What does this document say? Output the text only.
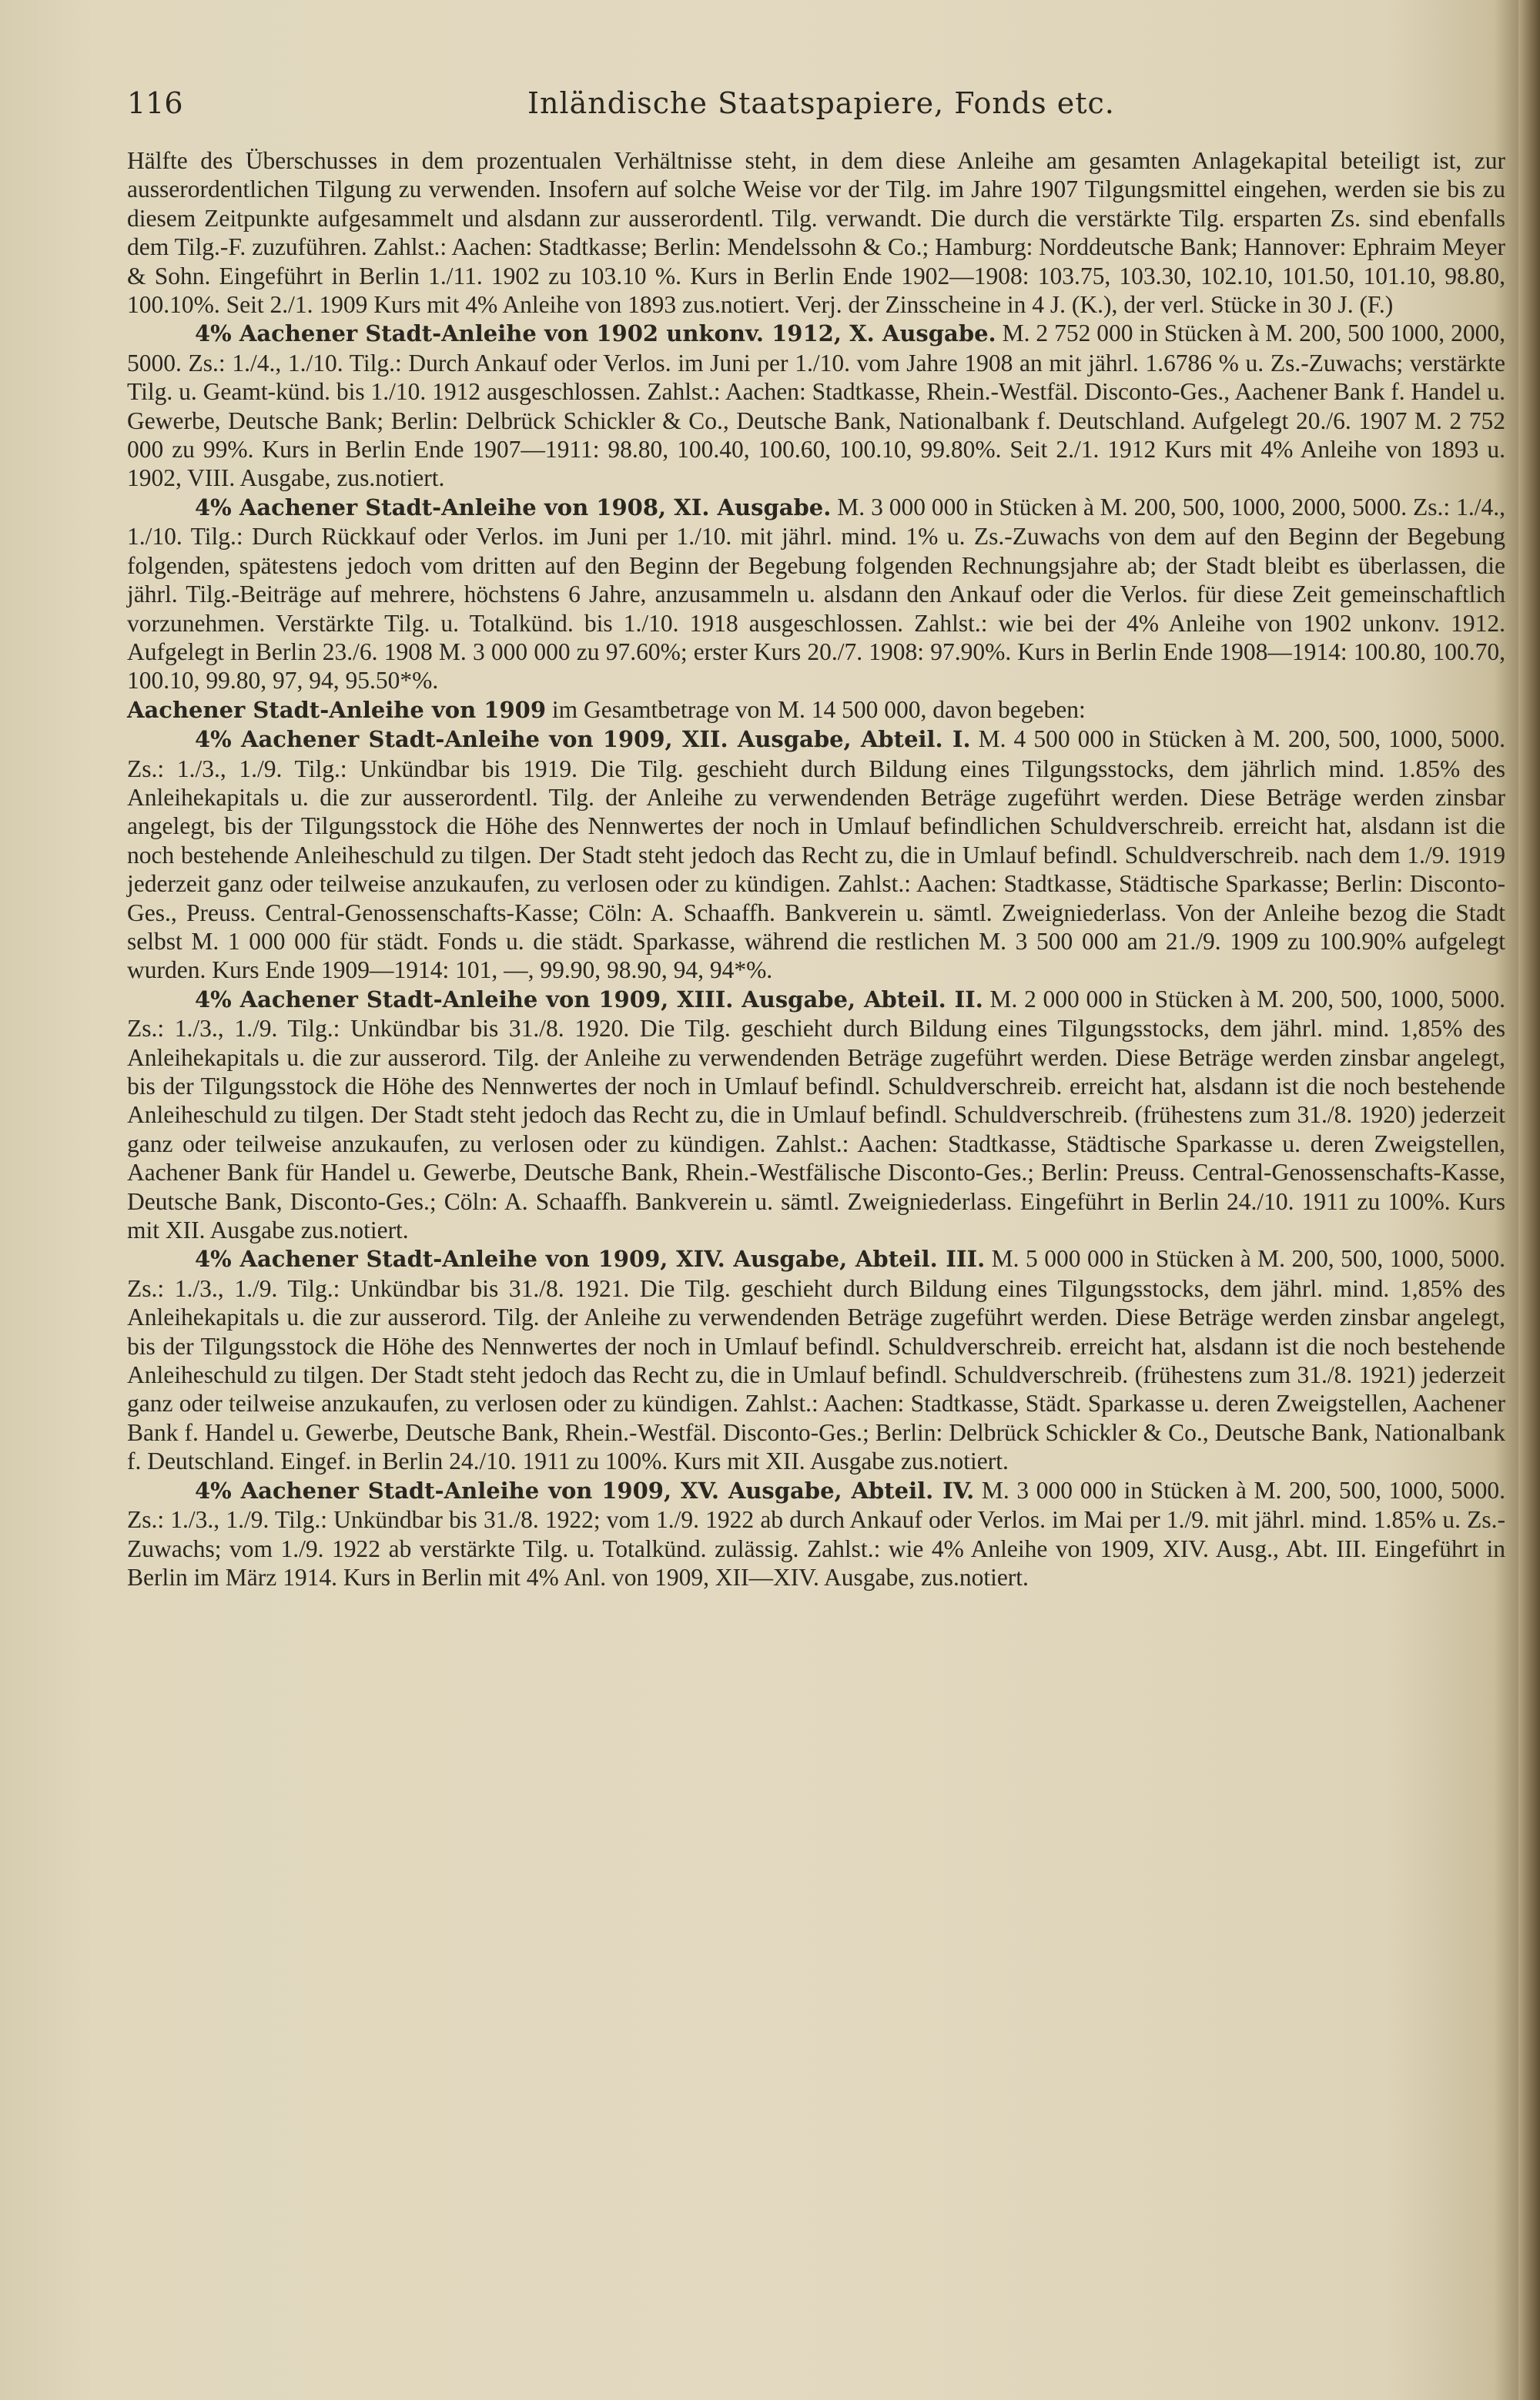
116	Inländische Staatspapiere, Fonds etc.

Hälfte des Überschusses in dem prozentualen Verhältnisse steht, in dem diese Anleihe am gesamten Anlagekapital beteiligt ist, zur ausserordentlichen Tilgung zu verwenden. Insofern auf solche Weise vor der Tilg. im Jahre 1907 Tilgungsmittel eingehen, werden sie bis zu diesem Zeitpunkte aufgesammelt und alsdann zur ausserordentl. Tilg. verwandt. Die durch die verstärkte Tilg. ersparten Zs. sind ebenfalls dem Tilg.-F. zuzuführen. Zahlst.: Aachen: Stadtkasse; Berlin: Mendelssohn & Co.; Hamburg: Norddeutsche Bank; Hannover: Ephraim Meyer & Sohn. Eingeführt in Berlin 1./11. 1902 zu 103.10 %. Kurs in Berlin Ende 1902—1908: 103.75, 103.30, 102.10, 101.50, 101.10, 98.80, 100.10%. Seit 2./1. 1909 Kurs mit 4% Anleihe von 1893 zus.notiert. Verj. der Zinsscheine in 4 J. (K.), der verl. Stücke in 30 J. (F.)

4% Aachener Stadt-Anleihe von 1902 unkonv. 1912, X. Ausgabe. M. 2 752 000 in Stücken à M. 200, 500 1000, 2000, 5000. Zs.: 1./4., 1./10. Tilg.: Durch Ankauf oder Verlos. im Juni per 1./10. vom Jahre 1908 an mit jährl. 1.6786 % u. Zs.-Zuwachs; verstärkte Tilg. u. Geamt-künd. bis 1./10. 1912 ausgeschlossen. Zahlst.: Aachen: Stadtkasse, Rhein.-Westfäl. Disconto-Ges., Aachener Bank f. Handel u. Gewerbe, Deutsche Bank; Berlin: Delbrück Schickler & Co., Deutsche Bank, Nationalbank f. Deutschland. Aufgelegt 20./6. 1907 M. 2 752 000 zu 99%. Kurs in Berlin Ende 1907—1911: 98.80, 100.40, 100.60, 100.10, 99.80%. Seit 2./1. 1912 Kurs mit 4% Anleihe von 1893 u. 1902, VIII. Ausgabe, zus.notiert.

4% Aachener Stadt-Anleihe von 1908, XI. Ausgabe. M. 3 000 000 in Stücken à M. 200, 500, 1000, 2000, 5000. Zs.: 1./4., 1./10. Tilg.: Durch Rückkauf oder Verlos. im Juni per 1./10. mit jährl. mind. 1% u. Zs.-Zuwachs von dem auf den Beginn der Begebung folgenden, spätestens jedoch vom dritten auf den Beginn der Begebung folgenden Rechnungsjahre ab; der Stadt bleibt es überlassen, die jährl. Tilg.-Beiträge auf mehrere, höchstens 6 Jahre, anzusammeln u. alsdann den Ankauf oder die Verlos. für diese Zeit gemeinschaftlich vorzunehmen. Verstärkte Tilg. u. Totalkünd. bis 1./10. 1918 ausgeschlossen. Zahlst.: wie bei der 4% Anleihe von 1902 unkonv. 1912. Aufgelegt in Berlin 23./6. 1908 M. 3 000 000 zu 97.60%; erster Kurs 20./7. 1908: 97.90%. Kurs in Berlin Ende 1908—1914: 100.80, 100.70, 100.10, 99.80, 97, 94, 95.50*%.

Aachener Stadt-Anleihe von 1909 im Gesamtbetrage von M. 14 500 000, davon begeben:

4% Aachener Stadt-Anleihe von 1909, XII. Ausgabe, Abteil. I. M. 4 500 000 in Stücken à M. 200, 500, 1000, 5000. Zs.: 1./3., 1./9. Tilg.: Unkündbar bis 1919. Die Tilg. geschieht durch Bildung eines Tilgungsstocks, dem jährlich mind. 1.85% des Anleihekapitals u. die zur ausserordentl. Tilg. der Anleihe zu verwendenden Beträge zugeführt werden. Diese Beträge werden zinsbar angelegt, bis der Tilgungsstock die Höhe des Nennwertes der noch in Umlauf befindlichen Schuldverschreib. erreicht hat, alsdann ist die noch bestehende Anleiheschuld zu tilgen. Der Stadt steht jedoch das Recht zu, die in Umlauf befindl. Schuldverschreib. nach dem 1./9. 1919 jederzeit ganz oder teilweise anzukaufen, zu verlosen oder zu kündigen. Zahlst.: Aachen: Stadtkasse, Städtische Sparkasse; Berlin: Disconto-Ges., Preuss. Central-Genossenschafts-Kasse; Cöln: A. Schaaffh. Bankverein u. sämtl. Zweigniederlass. Von der Anleihe bezog die Stadt selbst M. 1 000 000 für städt. Fonds u. die städt. Sparkasse, während die restlichen M. 3 500 000 am 21./9. 1909 zu 100.90% aufgelegt wurden. Kurs Ende 1909—1914: 101, —, 99.90, 98.90, 94, 94*%.

4% Aachener Stadt-Anleihe von 1909, XIII. Ausgabe, Abteil. II. M. 2 000 000 in Stücken à M. 200, 500, 1000, 5000. Zs.: 1./3., 1./9. Tilg.: Unkündbar bis 31./8. 1920. Die Tilg. geschieht durch Bildung eines Tilgungsstocks, dem jährl. mind. 1,85% des Anleihekapitals u. die zur ausserord. Tilg. der Anleihe zu verwendenden Beträge zugeführt werden. Diese Beträge werden zinsbar angelegt, bis der Tilgungsstock die Höhe des Nennwertes der noch in Umlauf befindl. Schuldverschreib. erreicht hat, alsdann ist die noch bestehende Anleiheschuld zu tilgen. Der Stadt steht jedoch das Recht zu, die in Umlauf befindl. Schuldverschreib. (frühestens zum 31./8. 1920) jederzeit ganz oder teilweise anzukaufen, zu verlosen oder zu kündigen. Zahlst.: Aachen: Stadtkasse, Städtische Sparkasse u. deren Zweigstellen, Aachener Bank für Handel u. Gewerbe, Deutsche Bank, Rhein.-Westfälische Disconto-Ges.; Berlin: Preuss. Central-Genossenschafts-Kasse, Deutsche Bank, Disconto-Ges.; Cöln: A. Schaaffh. Bankverein u. sämtl. Zweigniederlass. Eingeführt in Berlin 24./10. 1911 zu 100%. Kurs mit XII. Ausgabe zus.notiert.

4% Aachener Stadt-Anleihe von 1909, XIV. Ausgabe, Abteil. III. M. 5 000 000 in Stücken à M. 200, 500, 1000, 5000. Zs.: 1./3., 1./9. Tilg.: Unkündbar bis 31./8. 1921. Die Tilg. geschieht durch Bildung eines Tilgungsstocks, dem jährl. mind. 1,85% des Anleihekapitals u. die zur ausserord. Tilg. der Anleihe zu verwendenden Beträge zugeführt werden. Diese Beträge werden zinsbar angelegt, bis der Tilgungsstock die Höhe des Nennwertes der noch in Umlauf befindl. Schuldverschreib. erreicht hat, alsdann ist die noch bestehende Anleiheschuld zu tilgen. Der Stadt steht jedoch das Recht zu, die in Umlauf befindl. Schuldverschreib. (frühestens zum 31./8. 1921) jederzeit ganz oder teilweise anzukaufen, zu verlosen oder zu kündigen. Zahlst.: Aachen: Stadtkasse, Städt. Sparkasse u. deren Zweigstellen, Aachener Bank f. Handel u. Gewerbe, Deutsche Bank, Rhein.-Westfäl. Disconto-Ges.; Berlin: Delbrück Schickler & Co., Deutsche Bank, Nationalbank f. Deutschland. Eingef. in Berlin 24./10. 1911 zu 100%. Kurs mit XII. Ausgabe zus.notiert.

4% Aachener Stadt-Anleihe von 1909, XV. Ausgabe, Abteil. IV. M. 3 000 000 in Stücken à M. 200, 500, 1000, 5000. Zs.: 1./3., 1./9. Tilg.: Unkündbar bis 31./8. 1922; vom 1./9. 1922 ab durch Ankauf oder Verlos. im Mai per 1./9. mit jährl. mind. 1.85% u. Zs.-Zuwachs; vom 1./9. 1922 ab verstärkte Tilg. u. Totalkünd. zulässig. Zahlst.: wie 4% Anleihe von 1909, XIV. Ausg., Abt. III. Eingeführt in Berlin im März 1914. Kurs in Berlin mit 4% Anl. von 1909, XII—XIV. Ausgabe, zus.notiert.
